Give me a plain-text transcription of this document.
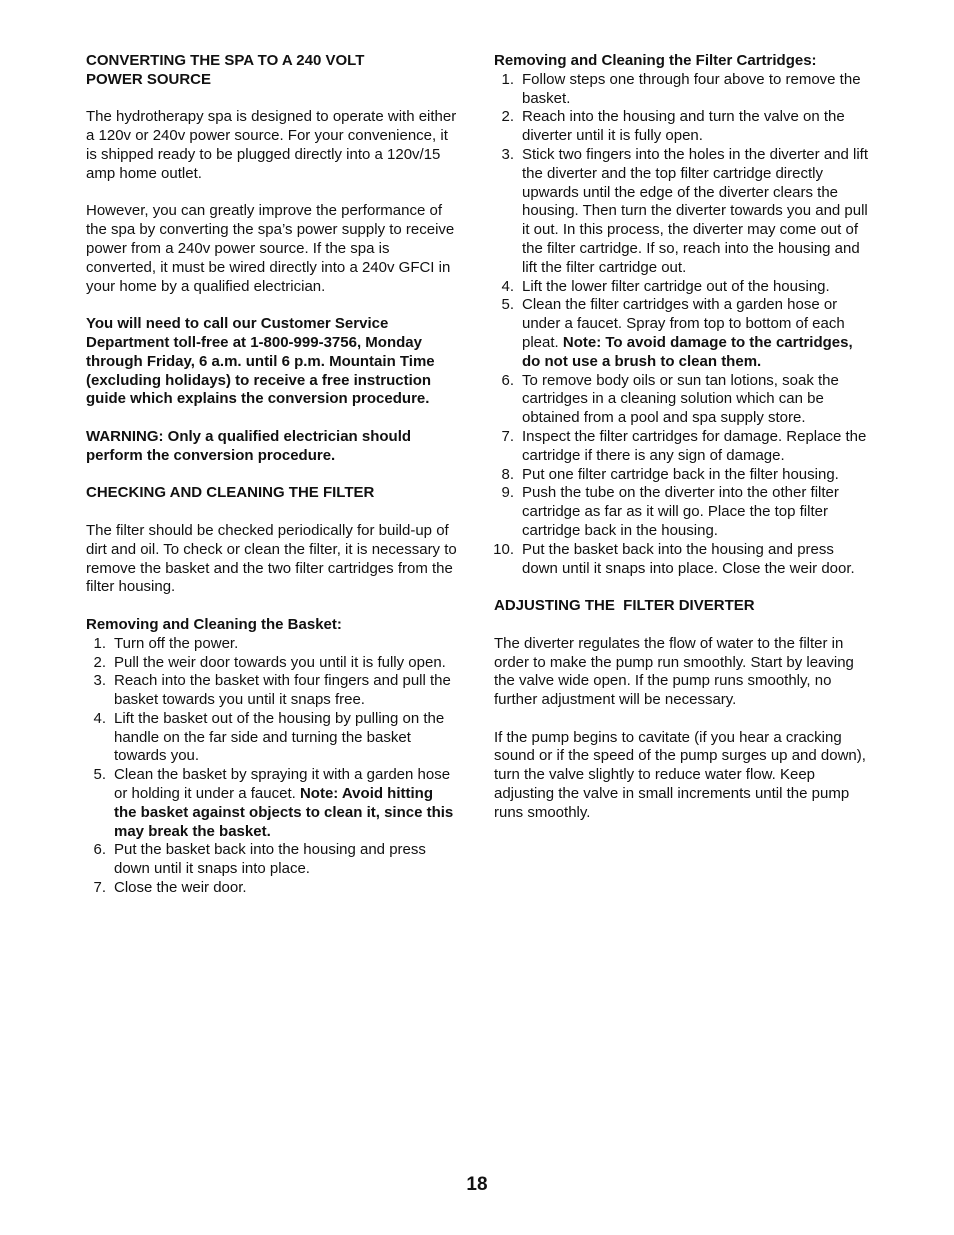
CONVERTING THE SPA TO A 240 VOLT
POWER SOURCE

The hydrotherapy spa is designed to operate with either a 120v or 240v power source. For your convenience, it is shipped ready to be plugged directly into a 120v/15 amp home outlet.

However, you can greatly improve the performance of the spa by converting the spa’s power supply to receive power from a 240v power source. If the spa is converted, it must be wired directly into a 240v GFCI in your home by a qualified electrician.

You will need to call our Customer Service Department toll-free at 1-800-999-3756, Monday through Friday, 6 a.m. until 6 p.m. Mountain Time (excluding holidays) to receive a free instruction guide which explains the conversion procedure.

WARNING: Only a qualified electrician should perform the conversion procedure.

CHECKING AND CLEANING THE FILTER

The filter should be checked periodically for build-up of dirt and oil. To check or clean the filter, it is necessary to remove the basket and the two filter cartridges from the filter housing.

Removing and Cleaning the Basket:

1. Turn off the power.
2. Pull the weir door towards you until it is fully open.
3. Reach into the basket with four fingers and pull the basket towards you until it snaps free.
4. Lift the basket out of the housing by pulling on the handle on the far side and turning the basket towards you.
5. Clean the basket by spraying it with a garden hose or holding it under a faucet. Note: Avoid hitting the basket against objects to clean it, since this may break the basket.
6. Put the basket back into the housing and press down until it snaps into place.
7. Close the weir door.

Removing and Cleaning the Filter Cartridges:

1. Follow steps one through four above to remove the basket.
2. Reach into the housing and turn the valve on the diverter until it is fully open.
3. Stick two fingers into the holes in the diverter and lift the diverter and the top filter cartridge directly upwards until the edge of the diverter clears the housing. Then turn the diverter towards you and pull it out. In this process, the diverter may come out of the filter cartridge. If so, reach into the housing and lift the filter cartridge out.
4. Lift the lower filter cartridge out of the housing.
5. Clean the filter cartridges with a garden hose or under a faucet. Spray from top to bottom of each pleat. Note: To avoid damage to the cartridges, do not use a brush to clean them.
6. To remove body oils or sun tan lotions, soak the cartridges in a cleaning solution which can be obtained from a pool and spa supply store.
7. Inspect the filter cartridges for damage. Replace the cartridge if there is any sign of damage.
8. Put one filter cartridge back in the filter housing.
9. Push the tube on the diverter into the other filter cartridge as far as it will go. Place the top filter cartridge back in the housing.
10. Put the basket back into the housing and press down until it snaps into place. Close the weir door.

ADJUSTING THE  FILTER DIVERTER

The diverter regulates the flow of water to the filter in order to make the pump run smoothly. Start by leaving the valve wide open. If the pump runs smoothly, no further adjustment will be necessary.

If the pump begins to cavitate (if you hear a cracking sound or if the speed of the pump surges up and down), turn the valve slightly to reduce water flow. Keep adjusting the valve in small increments until the pump runs smoothly.

18
